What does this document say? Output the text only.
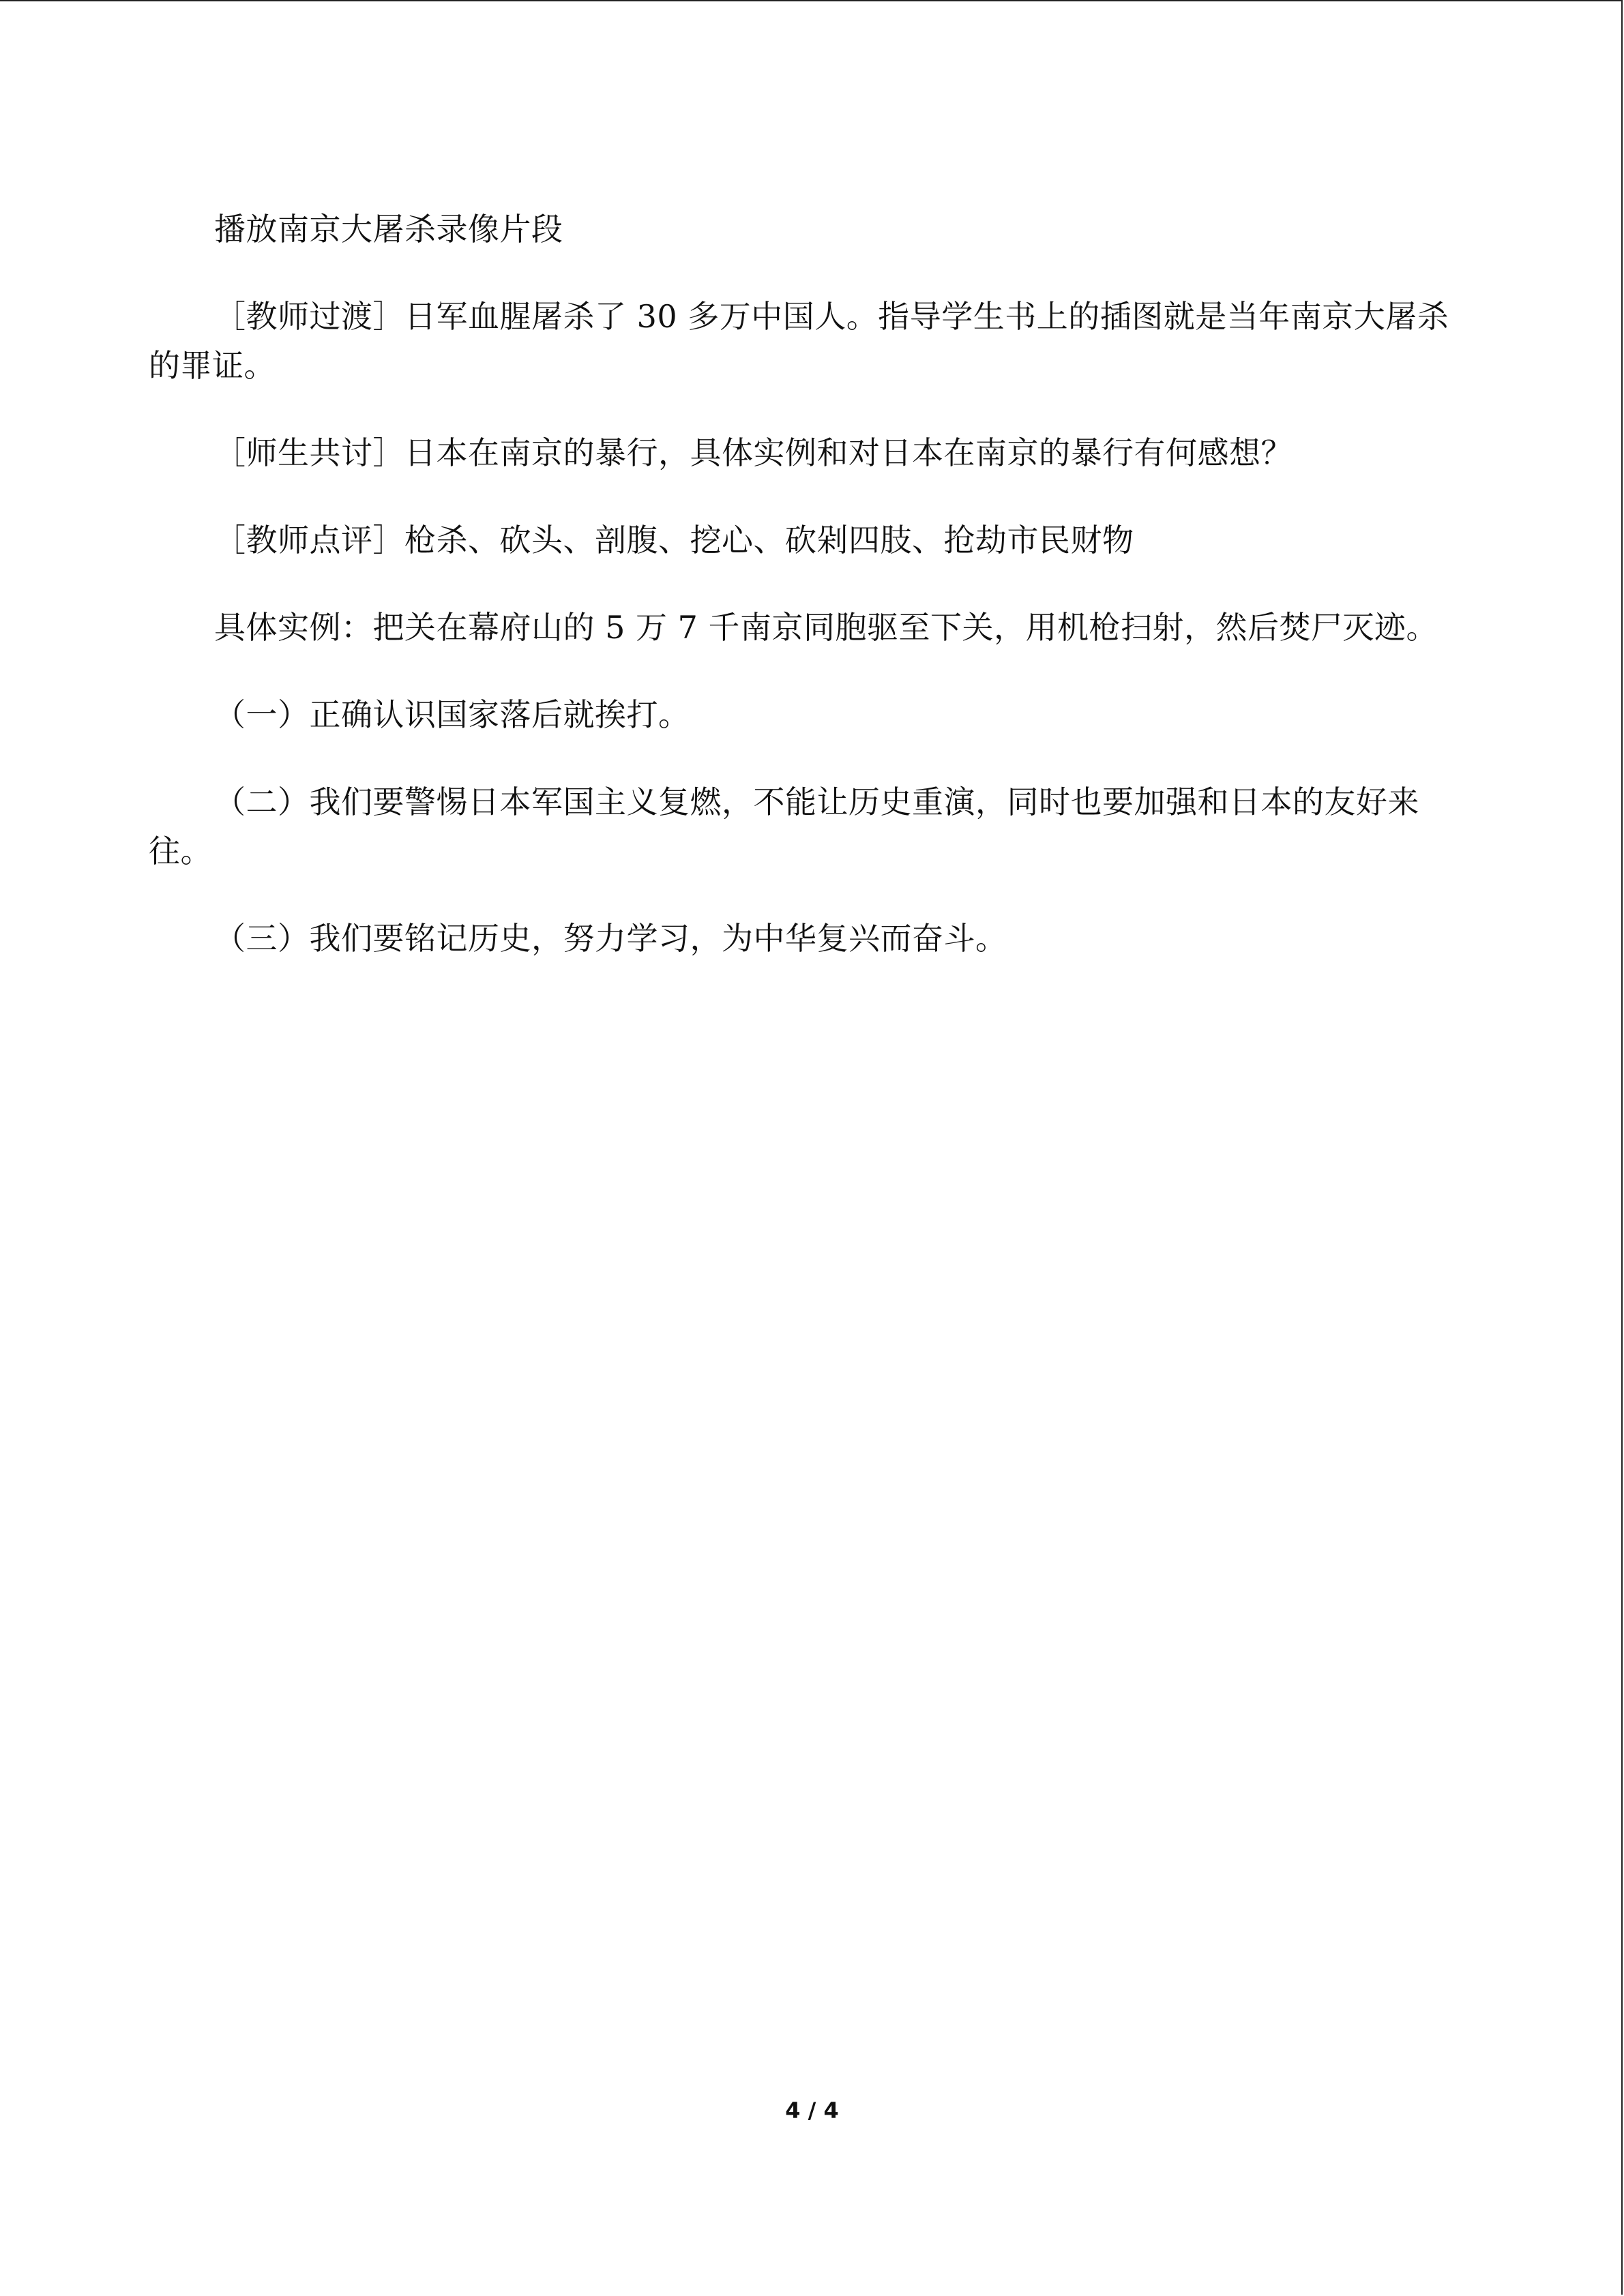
播放南京大屠杀录像片段

［教师过渡］日军血腥屠杀了 30 多万中国人。指导学生书上的插图就是当年南京大屠杀的罪证。

［师生共讨］日本在南京的暴行，具体实例和对日本在南京的暴行有何感想？

［教师点评］枪杀、砍头、剖腹、挖心、砍剁四肢、抢劫市民财物

具体实例：把关在幕府山的 5 万 7 千南京同胞驱至下关，用机枪扫射，然后焚尸灭迹。

（一）正确认识国家落后就挨打。

（二）我们要警惕日本军国主义复燃，不能让历史重演，同时也要加强和日本的友好来往。

（三）我们要铭记历史，努力学习，为中华复兴而奋斗。

4 / 4
